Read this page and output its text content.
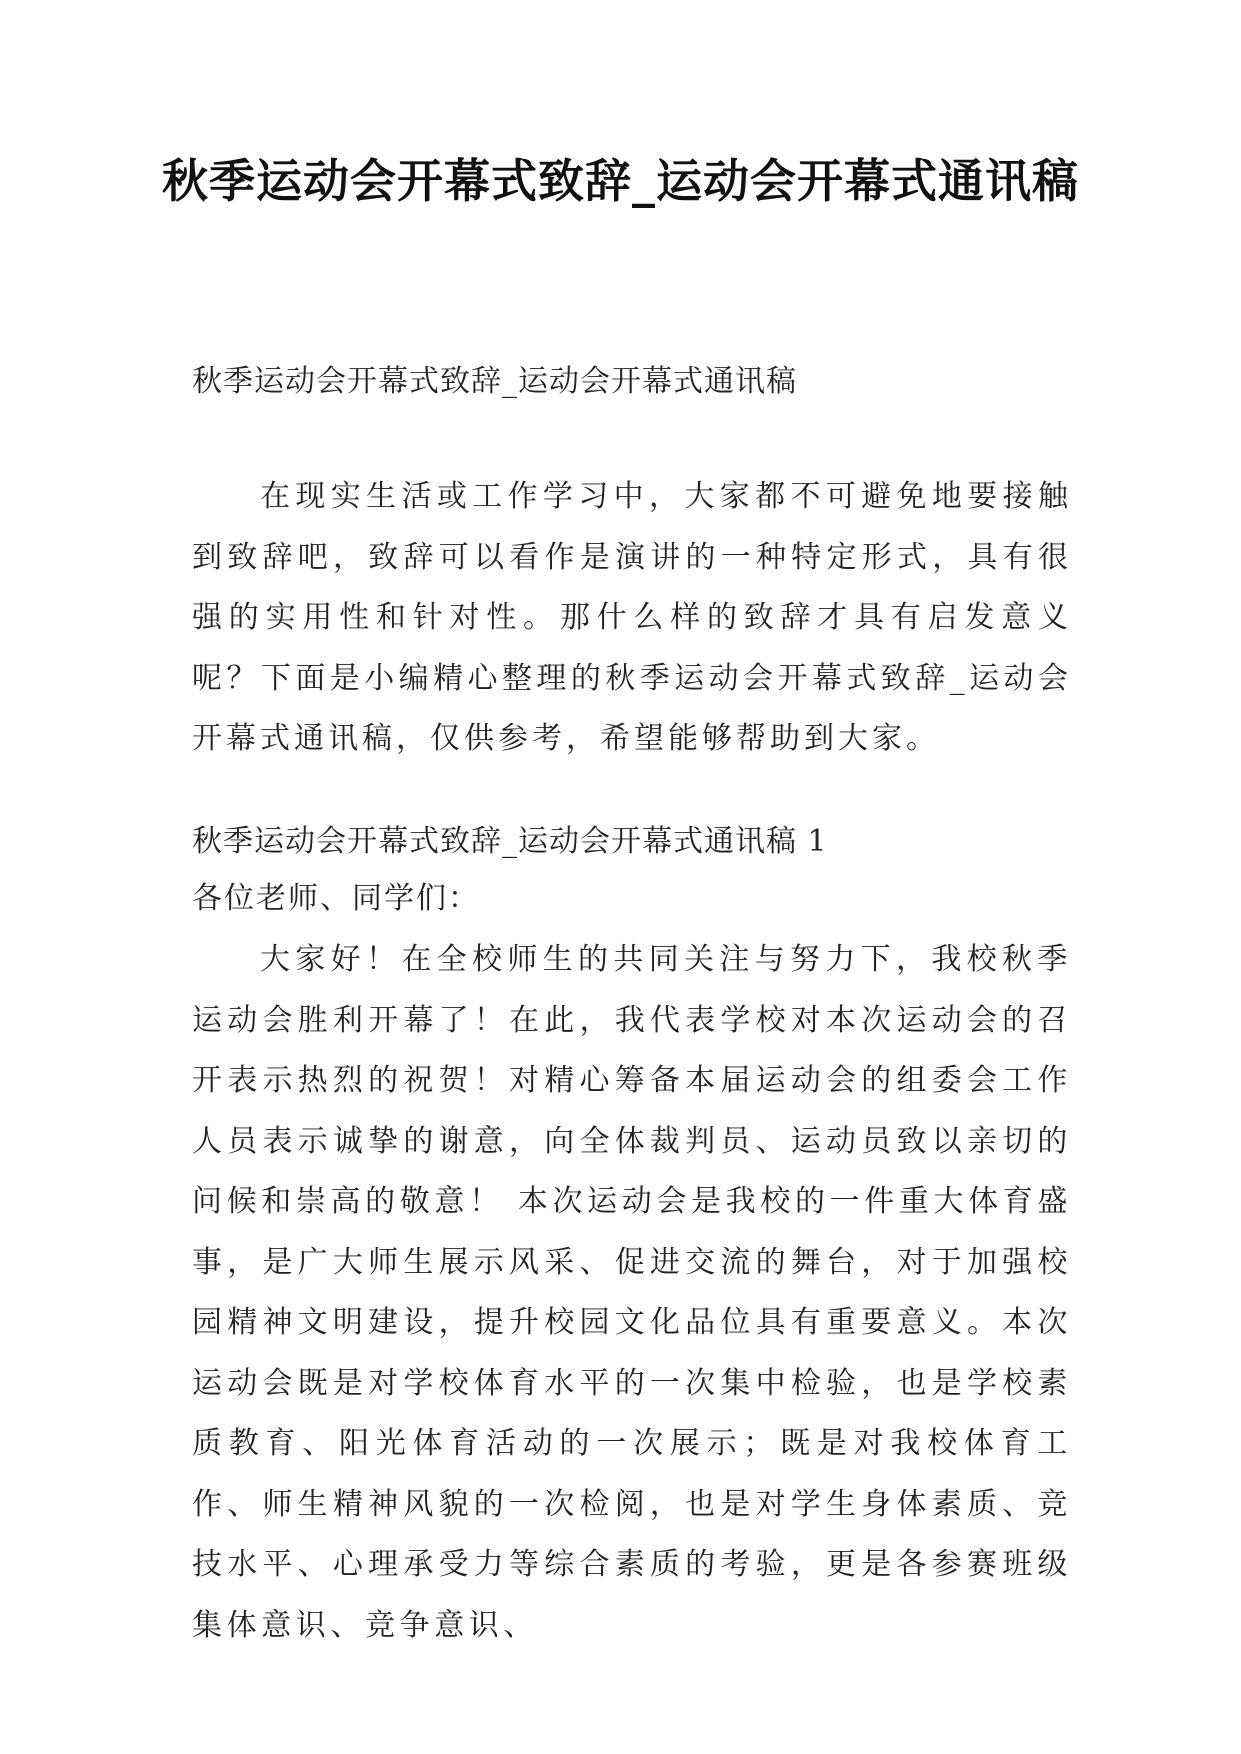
秋季运动会开幕式致辞_运动会开幕式通讯稿
秋季运动会开幕式致辞_运动会开幕式通讯稿
在现实生活或工作学习中，大家都不可避免地要接触到致辞吧，致辞可以看作是演讲的一种特定形式，具有很强的实用性和针对性。那什么样的致辞才具有启发意义呢？下面是小编精心整理的秋季运动会开幕式致辞_运动会开幕式通讯稿，仅供参考，希望能够帮助到大家。
秋季运动会开幕式致辞_运动会开幕式通讯稿 1
各位老师、同学们：
大家好！在全校师生的共同关注与努力下，我校秋季运动会胜利开幕了！在此，我代表学校对本次运动会的召开表示热烈的祝贺！对精心筹备本届运动会的组委会工作人员表示诚挚的谢意，向全体裁判员、运动员致以亲切的问候和崇高的敬意！ 本次运动会是我校的一件重大体育盛事，是广大师生展示风采、促进交流的舞台，对于加强校园精神文明建设，提升校园文化品位具有重要意义。本次运动会既是对学校体育水平的一次集中检验，也是学校素质教育、阳光体育活动的一次展示；既是对我校体育工作、师生精神风貌的一次检阅，也是对学生身体素质、竞技水平、心理承受力等综合素质的考验，更是各参赛班级集体意识、竞争意识、
